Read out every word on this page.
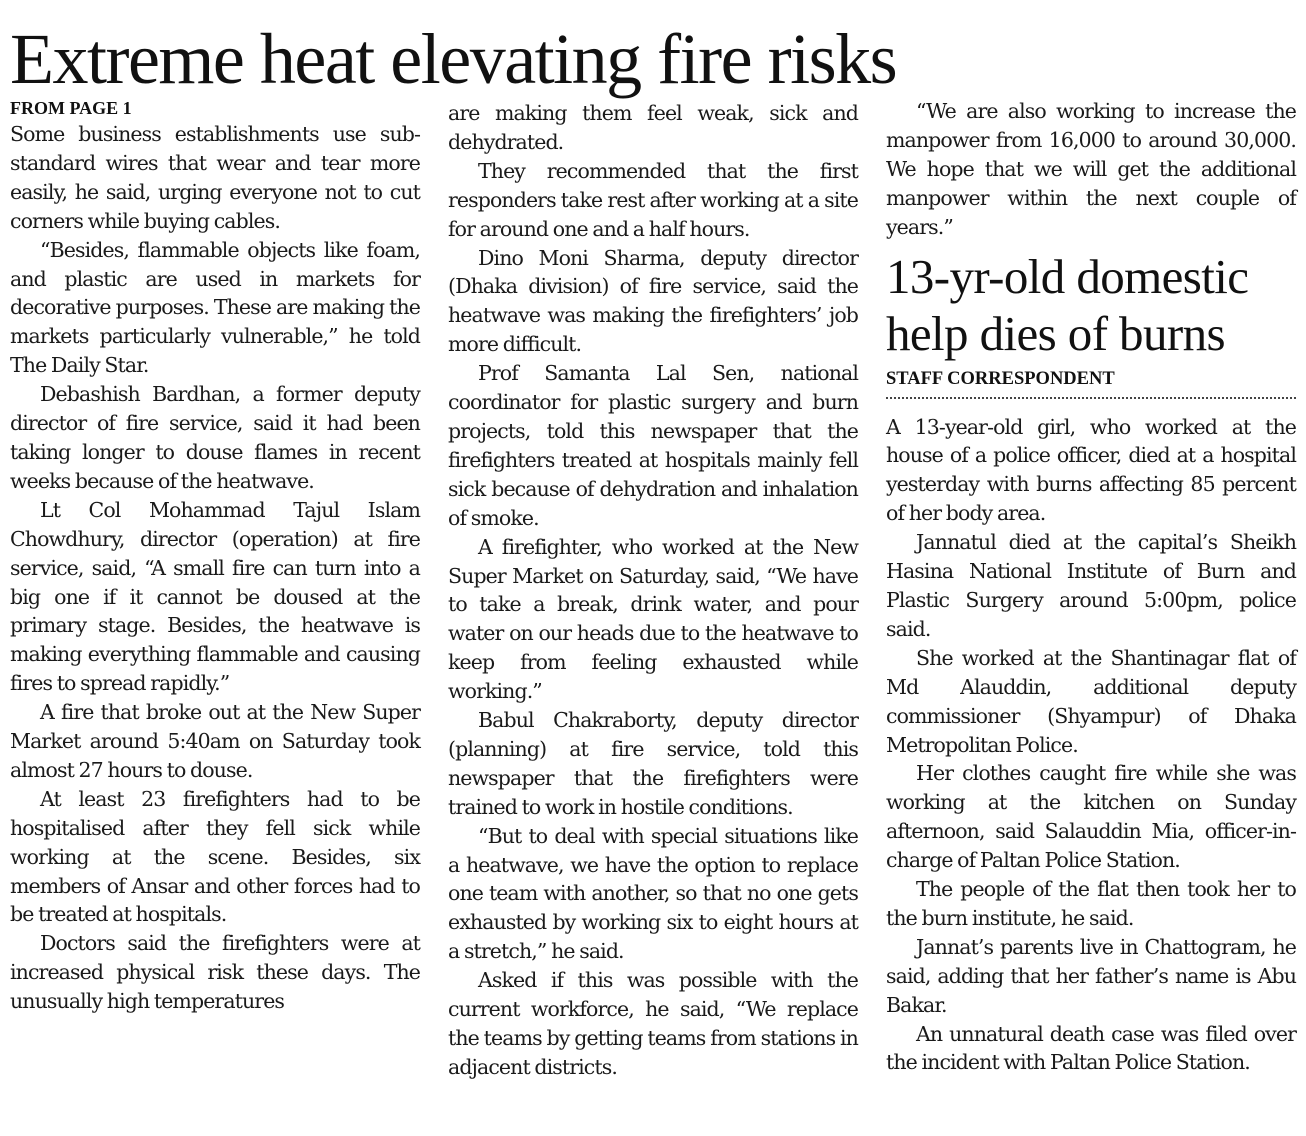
Extreme heat elevating fire risks

FROM PAGE 1

Some business establishments use sub-standard wires that wear and tear more easily, he said, urging everyone not to cut corners while buying cables.

“Besides, flammable objects like foam, and plastic are used in markets for decorative purposes. These are making the markets particularly vulnerable,” he told The Daily Star.

Debashish Bardhan, a former deputy director of fire service, said it had been taking longer to douse flames in recent weeks because of the heatwave.

Lt Col Mohammad Tajul Islam Chowdhury, director (operation) at fire service, said, “A small fire can turn into a big one if it cannot be doused at the primary stage. Besides, the heatwave is making everything flammable and causing fires to spread rapidly.”

A fire that broke out at the New Super Market around 5:40am on Saturday took almost 27 hours to douse.

At least 23 firefighters had to be hospitalised after they fell sick while working at the scene. Besides, six members of Ansar and other forces had to be treated at hospitals.

Doctors said the firefighters were at increased physical risk these days. The unusually high temperatures

are making them feel weak, sick and dehydrated.

They recommended that the first responders take rest after working at a site for around one and a half hours.

Dino Moni Sharma, deputy director (Dhaka division) of fire service, said the heatwave was making the firefighters’ job more difficult.

Prof Samanta Lal Sen, national coordinator for plastic surgery and burn projects, told this newspaper that the firefighters treated at hospitals mainly fell sick because of dehydration and inhalation of smoke.

A firefighter, who worked at the New Super Market on Saturday, said, “We have to take a break, drink water, and pour water on our heads due to the heatwave to keep from feeling exhausted while working.”

Babul Chakraborty, deputy director (planning) at fire service, told this newspaper that the firefighters were trained to work in hostile conditions.

“But to deal with special situations like a heatwave, we have the option to replace one team with another, so that no one gets exhausted by working six to eight hours at a stretch,” he said.

Asked if this was possible with the current workforce, he said, “We replace the teams by getting teams from stations in adjacent districts.

“We are also working to increase the manpower from 16,000 to around 30,000. We hope that we will get the additional manpower within the next couple of years.”

13-yr-old domestic help dies of burns

STAFF CORRESPONDENT

A 13-year-old girl, who worked at the house of a police officer, died at a hospital yesterday with burns affecting 85 percent of her body area.

Jannatul died at the capital’s Sheikh Hasina National Institute of Burn and Plastic Surgery around 5:00pm, police said.

She worked at the Shantinagar flat of Md Alauddin, additional deputy commissioner (Shyampur) of Dhaka Metropolitan Police.

Her clothes caught fire while she was working at the kitchen on Sunday afternoon, said Salauddin Mia, officer-in-charge of Paltan Police Station.

The people of the flat then took her to the burn institute, he said.

Jannat’s parents live in Chattogram, he said, adding that her father’s name is Abu Bakar.

An unnatural death case was filed over the incident with Paltan Police Station.
